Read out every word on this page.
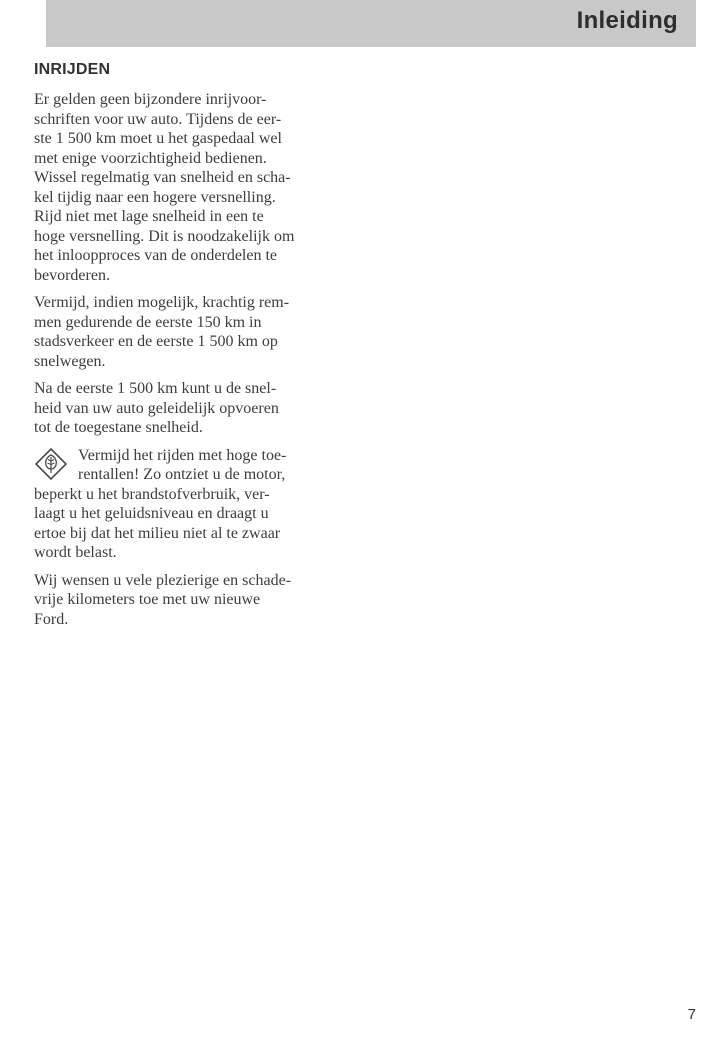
Inleiding
INRIJDEN
Er gelden geen bijzondere inrijvoor-
schriften voor uw auto. Tijdens de eer-
ste 1 500 km moet u het gaspedaal wel
met enige voorzichtigheid bedienen.
Wissel regelmatig van snelheid en scha-
kel tijdig naar een hogere versnelling.
Rijd niet met lage snelheid in een te
hoge versnelling. Dit is noodzakelijk om
het inloopproces van de onderdelen te
bevorderen.
Vermijd, indien mogelijk, krachtig rem-
men gedurende de eerste 150 km in
stadsverkeer en de eerste 1 500 km op
snelwegen.
Na de eerste 1 500 km kunt u de snel-
heid van uw auto geleidelijk opvoeren
tot de toegestane snelheid.
Vermijd het rijden met hoge toe-
rentallen! Zo ontziet u de motor,
beperkt u het brandstofverbruik, ver-
laagt u het geluidsniveau en draagt u
ertoe bij dat het milieu niet al te zwaar
wordt belast.
Wij wensen u vele plezierige en schade-
vrije kilometers toe met uw nieuwe
Ford.
7
